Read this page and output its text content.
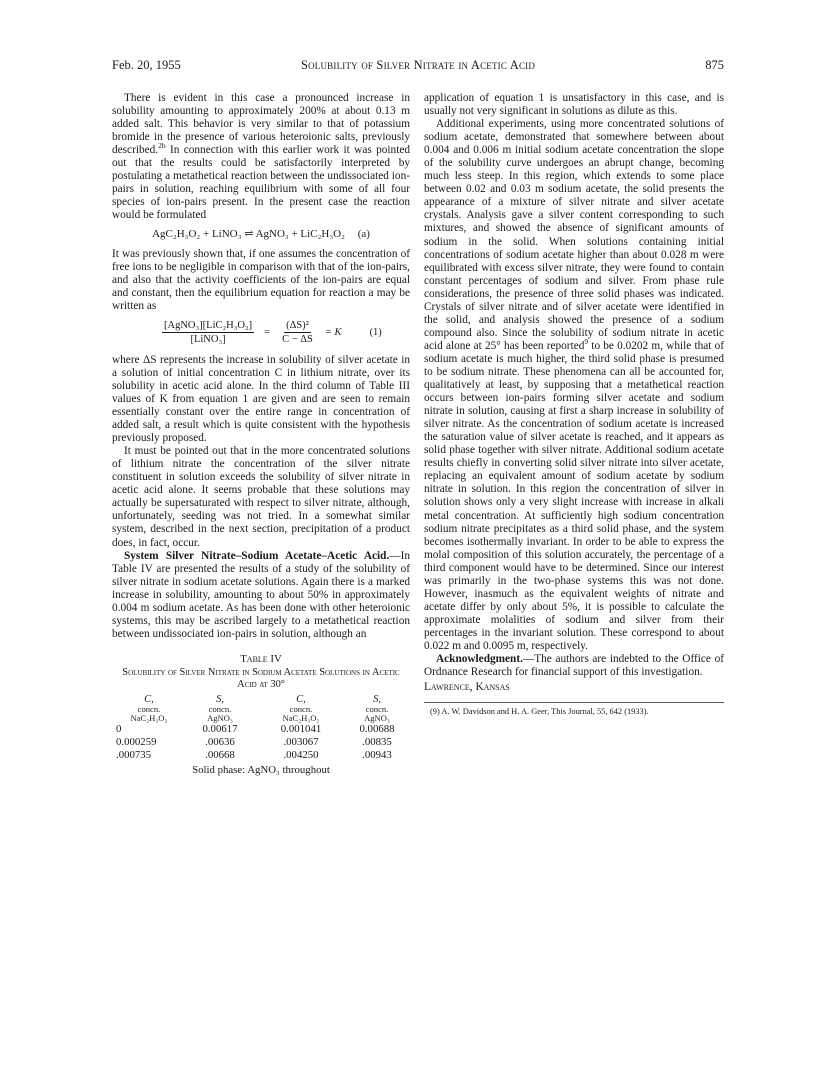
Feb. 20, 1955	Solubility of Silver Nitrate in Acetic Acid	875

There is evident in this case a pronounced increase in solubility amounting to approximately 200% at about 0.13 m added salt. This behavior is very similar to that of potassium bromide in the presence of various heteroionic salts, previously described.$^{2b}$ In connection with this earlier work it was pointed out that the results could be satisfactorily interpreted by postulating a metathetical reaction between the undissociated ion-pairs in solution, reaching equilibrium with some of all four species of ion-pairs present. In the present case the reaction would be formulated

AgC₂H₃O₂ + LiNO₃ ⇌ AgNO₃ + LiC₂H₃O₂ (a)

It was previously shown that, if one assumes the concentration of free ions to be negligible in comparison with that of the ion-pairs, and also that the activity coefficients of the ion-pairs are equal and constant, then the equilibrium equation for reaction a may be written as

$\frac{\text{[AgNO₃][LiC₂H₃O₂]}}{\text{[LiNO₃]}} = \frac{\text{(ΔS)²}}{C - \Delta S} = K$	(1)

where ΔS represents the increase in solubility of silver acetate in a solution of initial concentration C in lithium nitrate, over its solubility in acetic acid alone. In the third column of Table III values of K from equation 1 are given and are seen to remain essentially constant over the entire range in concentration of added salt, a result which is quite consistent with the hypothesis previously proposed.

It must be pointed out that in the more concentrated solutions of lithium nitrate the concentration of the silver nitrate constituent in solution exceeds the solubility of silver nitrate in acetic acid alone. It seems probable that these solutions may actually be supersaturated with respect to silver nitrate, although, unfortunately, seeding was not tried. In a somewhat similar system, described in the next section, precipitation of a product does, in fact, occur.

System Silver Nitrate–Sodium Acetate–Acetic Acid.—In Table IV are presented the results of a study of the solubility of silver nitrate in sodium acetate solutions. Again there is a marked increase in solubility, amounting to about 50% in approximately 0.004 m sodium acetate. As has been done with other heteroionic systems, this may be ascribed largely to a metathetical reaction between undissociated ion-pairs in solution, although an

Table IV
Solubility of Silver Nitrate in Sodium Acetate Solutions in Acetic Acid at 30°
C,	S,	C,	S,
concn.	concn.	concn.	concn.
NaC₂H₃O₂	AgNO₃	NaC₂H₃O₂	AgNO₃
0	0.00617	0.001041	0.00688
0.000259	.00636	.003067	.00835
.000735	.00668	.004250	.00943
Solid phase: AgNO₃ throughout

application of equation 1 is unsatisfactory in this case, and is usually not very significant in solutions as dilute as this.

Additional experiments, using more concentrated solutions of sodium acetate, demonstrated that somewhere between about 0.004 and 0.006 m initial sodium acetate concentration the slope of the solubility curve undergoes an abrupt change, becoming much less steep. In this region, which extends to some place between 0.02 and 0.03 m sodium acetate, the solid presents the appearance of a mixture of silver nitrate and silver acetate crystals. Analysis gave a silver content corresponding to such mixtures, and showed the absence of significant amounts of sodium in the solid. When solutions containing initial concentrations of sodium acetate higher than about 0.028 m were equilibrated with excess silver nitrate, they were found to contain constant percentages of sodium and silver. From phase rule considerations, the presence of three solid phases was indicated. Crystals of silver nitrate and of silver acetate were identified in the solid, and analysis showed the presence of a sodium compound also. Since the solubility of sodium nitrate in acetic acid alone at 25° has been reported$^9$ to be 0.0202 m, while that of sodium acetate is much higher, the third solid phase is presumed to be sodium nitrate. These phenomena can all be accounted for, qualitatively at least, by supposing that a metathetical reaction occurs between ion-pairs forming silver acetate and sodium nitrate in solution, causing at first a sharp increase in solubility of silver nitrate. As the concentration of sodium acetate is increased the saturation value of silver acetate is reached, and it appears as solid phase together with silver nitrate. Additional sodium acetate results chiefly in converting solid silver nitrate into silver acetate, replacing an equivalent amount of sodium acetate by sodium nitrate in solution. In this region the concentration of silver in solution shows only a very slight increase with increase in alkali metal concentration. At sufficiently high sodium concentration sodium nitrate precipitates as a third solid phase, and the system becomes isothermally invariant. In order to be able to express the molal composition of this solution accurately, the percentage of a third component would have to be determined. Since our interest was primarily in the two-phase systems this was not done. However, inasmuch as the equivalent weights of nitrate and acetate differ by only about 5%, it is possible to calculate the approximate molalities of sodium and silver from their percentages in the invariant solution. These correspond to about 0.022 m and 0.0095 m, respectively.

Acknowledgment.—The authors are indebted to the Office of Ordnance Research for financial support of this investigation.

Lawrence, Kansas

(9) A. W. Davidson and H. A. Geer, This Journal, 55, 642 (1933).
